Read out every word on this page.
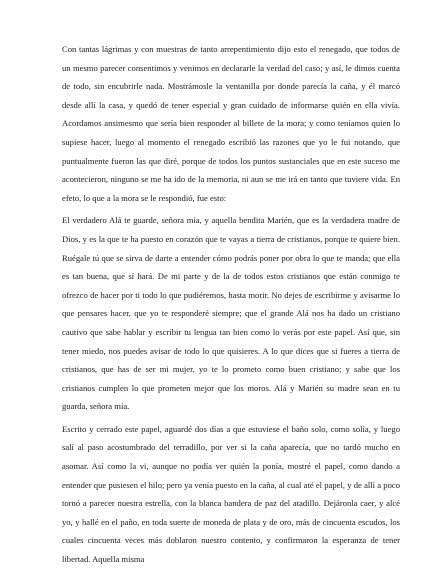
Con tantas lágrimas y con muestras de tanto arrepentimiento dijo esto el renegado, que todos de un mesmo parecer consentimos y venimos en declararle la verdad del caso; y así, le dimos cuenta de todo, sin encubrirle nada. Mostrámosle la ventanilla por donde parecía la caña, y él marcó desde allí la casa, y quedó de tener especial y gran cuidado de informarse quién en ella vivía. Acordamos ansimesmo que sería bien responder al billete de la mora; y como teníamos quien lo supiese hacer, luego al momento el renegado escribió las razones que yo le fui notando, que puntualmente fueron las que diré, porque de todos los puntos sustanciales que en este suceso me acontecieron, ninguno se me ha ido de la memoria, ni aun se me irá en tanto que tuviere vida. En efeto, lo que a la mora se le respondió, fue esto:

El verdadero Alá te guarde, señora mía, y aquella bendita Marién, que es la verdadera madre de Dios, y es la que te ha puesto en corazón que te vayas a tierra de cristianos, porque te quiere bien. Ruégale tú que se sirva de darte a entender cómo podrás poner por obra lo que te manda; que ella es tan buena, que sí hará. De mi parte y de la de todos estos cristianos que están conmigo te ofrezco de hacer por ti todo lo que pudiéremos, hasta morir. No dejes de escribirme y avisarme lo que pensares hacer, que yo te responderé siempre; que el grande Alá nos ha dado un cristiano cautivo que sabe hablar y escribir tu lengua tan bien como lo verás por este papel. Así que, sin tener miedo, nos puedes avisar de todo lo que quisieres. A lo que dices que si fueres a tierra de cristianos, que has de ser mi mujer, yo te lo prometo como buen cristiano; y sabe que los cristianos cumplen lo que prometen mejor que los moros. Alá y Marién su madre sean en tu guarda, señora mía.

Escrito y cerrado este papel, aguardé dos días a que estuviese el baño solo, como solía, y luego salí al paso acostumbrado del terradillo, por ver si la caña aparecía, que no tardó mucho en asomar. Así como la vi, aunque no podía ver quién la ponía, mostré el papel, como dando a entender que pusiesen el hilo; pero ya venía puesto en la caña, al cual até el papel, y de allí a poco tornó a parecer nuestra estrella, con la blanca bandera de paz del atadillo. Dejáronla caer, y alcé yo, y hallé en el paño, en toda suerte de moneda de plata y de oro, más de cincuenta escudos, los cuales cincuenta veces más doblaron nuestro contento, y confirmaron la esperanza de tener libertad. Aquella misma
